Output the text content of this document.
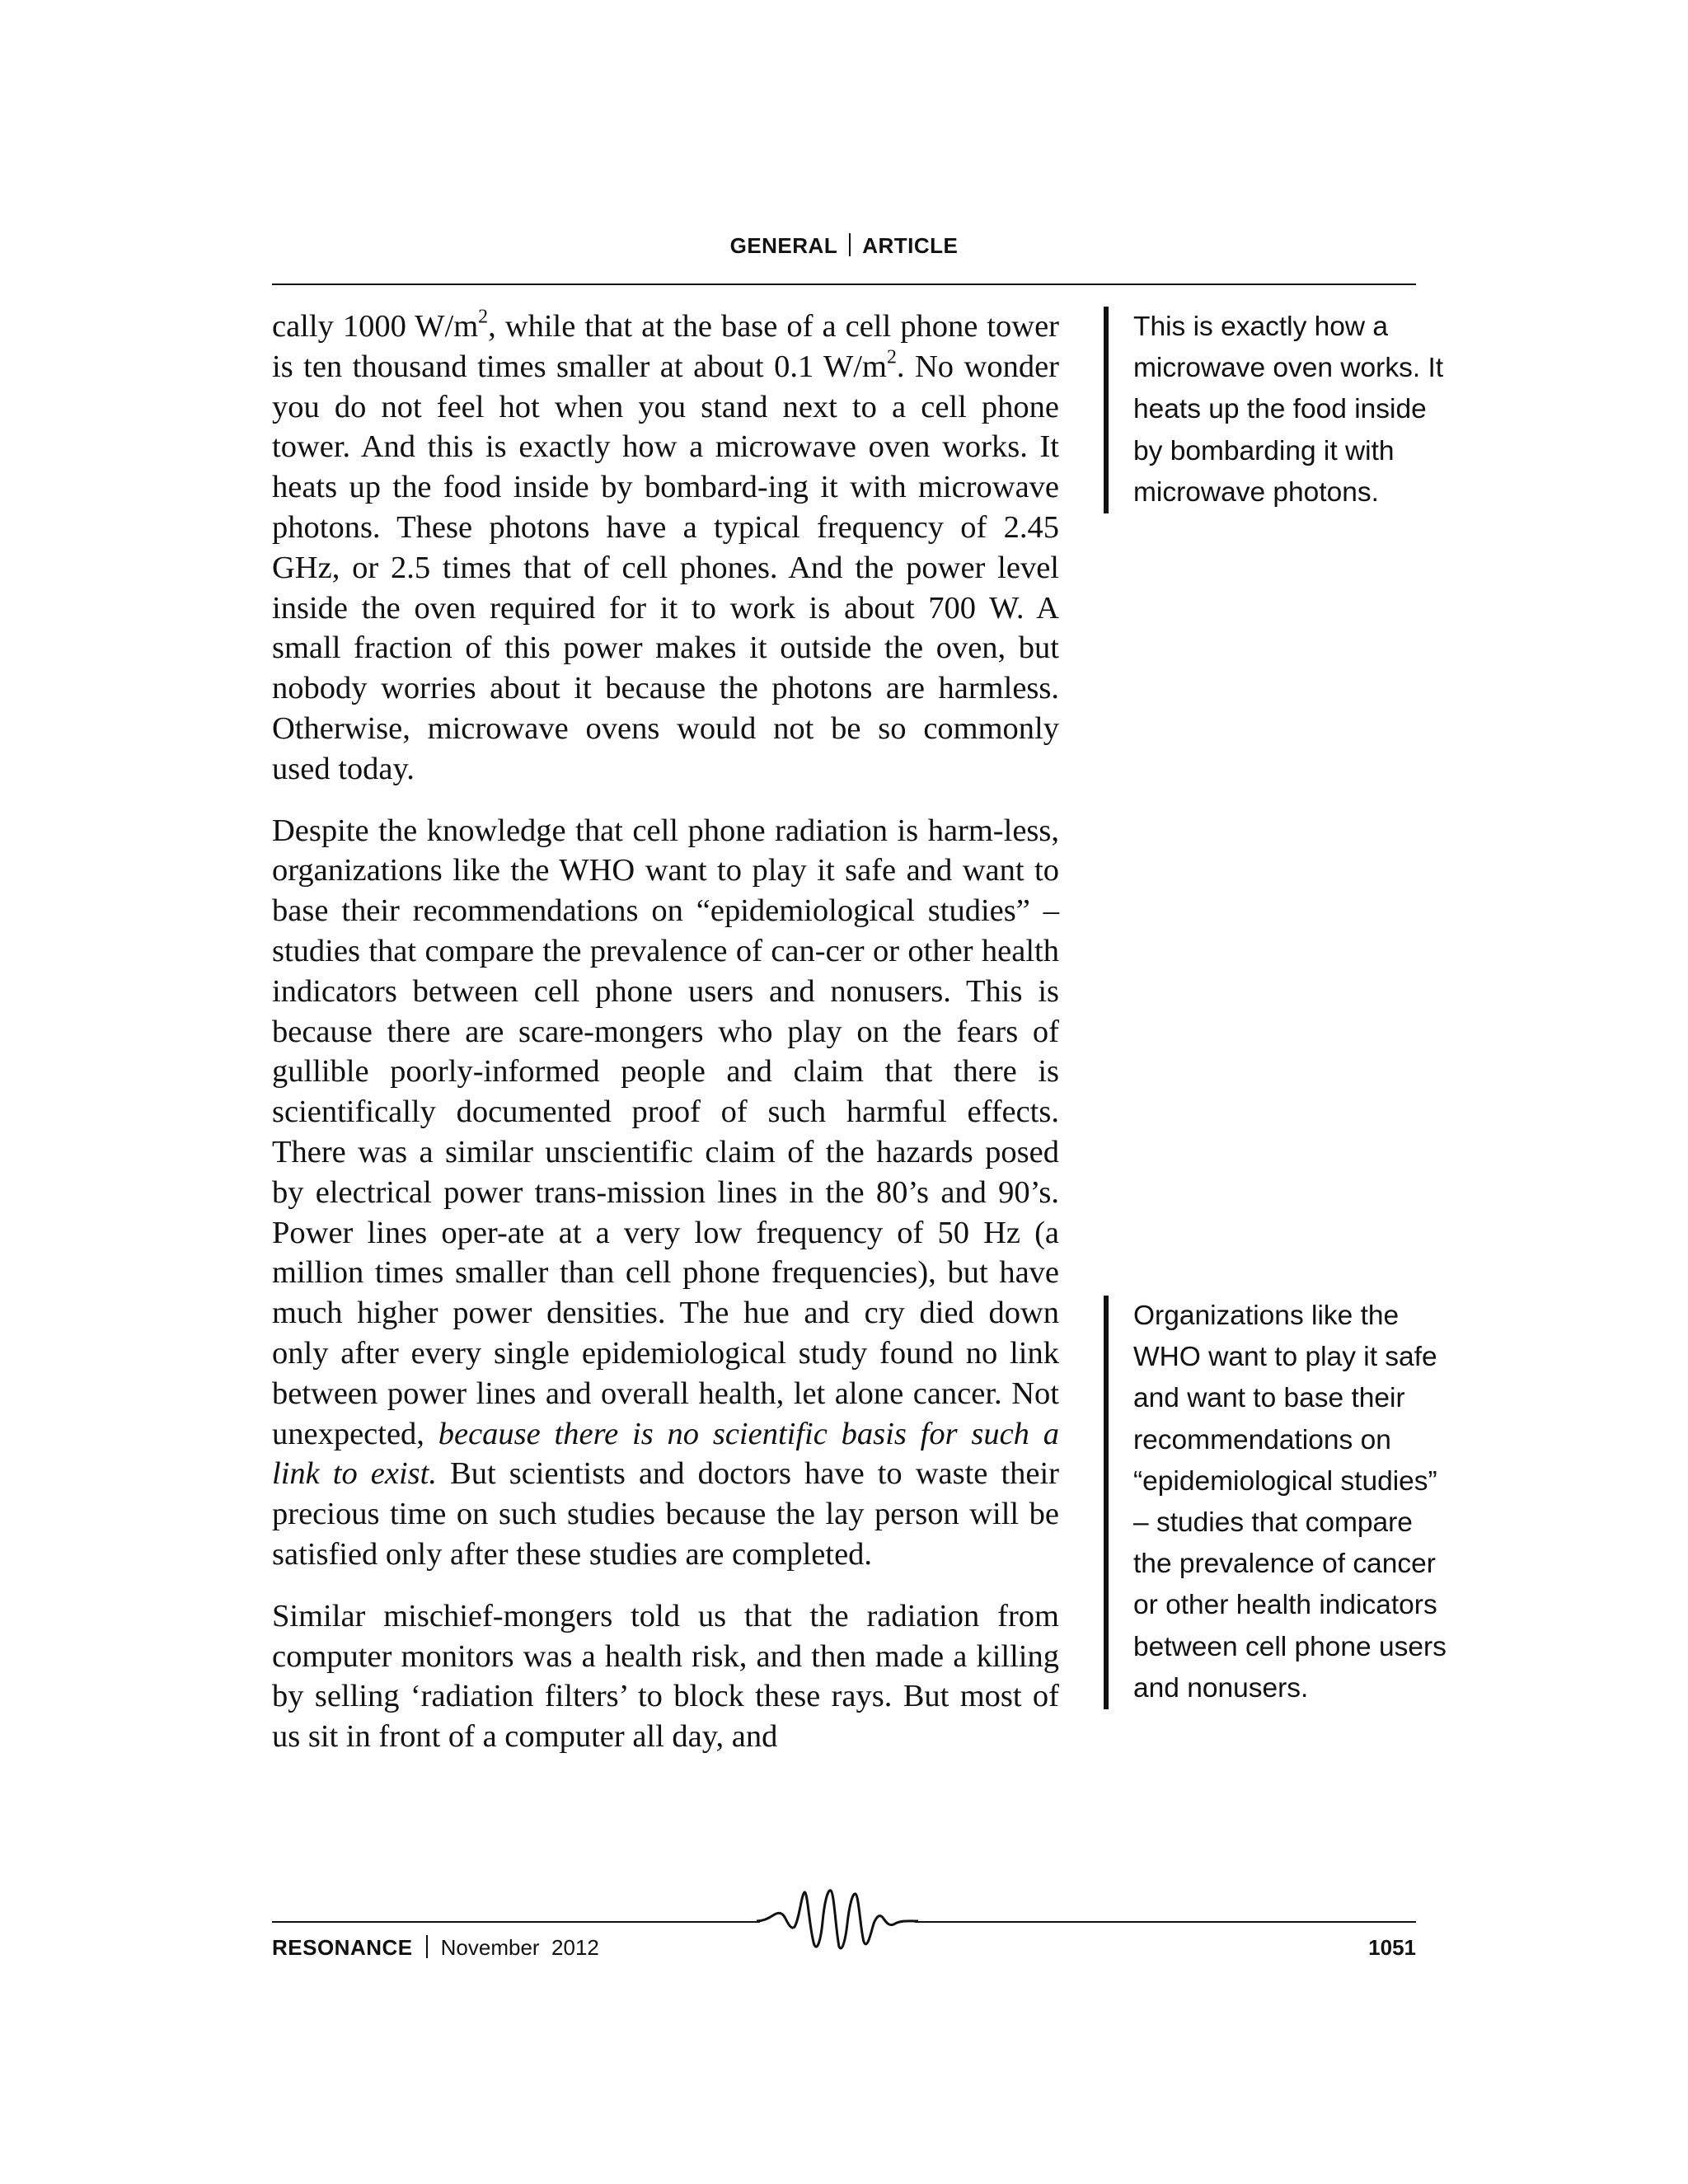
GENERAL ARTICLE

cally 1000 $W/m^2$, while that at the base of a cell phone tower is ten thousand times smaller at about 0.1 $W/m^2$. No wonder you do not feel hot when you stand next to a cell phone tower. And this is exactly how a microwave oven works. It heats up the food inside by bombard-ing it with microwave photons. These photons have a typical frequency of 2.45 GHz, or 2.5 times that of cell phones. And the power level inside the oven required for it to work is about 700 W. A small fraction of this power makes it outside the oven, but nobody worries about it because the photons are harmless. Otherwise, microwave ovens would not be so commonly used today.

Despite the knowledge that cell phone radiation is harm-less, organizations like the WHO want to play it safe and want to base their recommendations on “epidemiological studies” – studies that compare the prevalence of can-cer or other health indicators between cell phone users and nonusers. This is because there are scare-mongers who play on the fears of gullible poorly-informed people and claim that there is scientifically documented proof of such harmful effects. There was a similar unscientific claim of the hazards posed by electrical power trans-mission lines in the 80’s and 90’s. Power lines oper-ate at a very low frequency of 50 Hz (a million times smaller than cell phone frequencies), but have much higher power densities. The hue and cry died down only after every single epidemiological study found no link between power lines and overall health, let alone cancer. Not unexpected, because there is no scientific basis for such a link to exist. But scientists and doctors have to waste their precious time on such studies because the lay person will be satisfied only after these studies are completed.

Similar mischief-mongers told us that the radiation from computer monitors was a health risk, and then made a killing by selling ‘radiation filters’ to block these rays. But most of us sit in front of a computer all day, and

This is exactly how a microwave oven works. It heats up the food inside by bombarding it with microwave photons.
Organizations like the WHO want to play it safe and want to base their recommendations on “epidemiological studies” – studies that compare the prevalence of cancer or other health indicators between cell phone users and nonusers.
RESONANCE November  2012	1051
